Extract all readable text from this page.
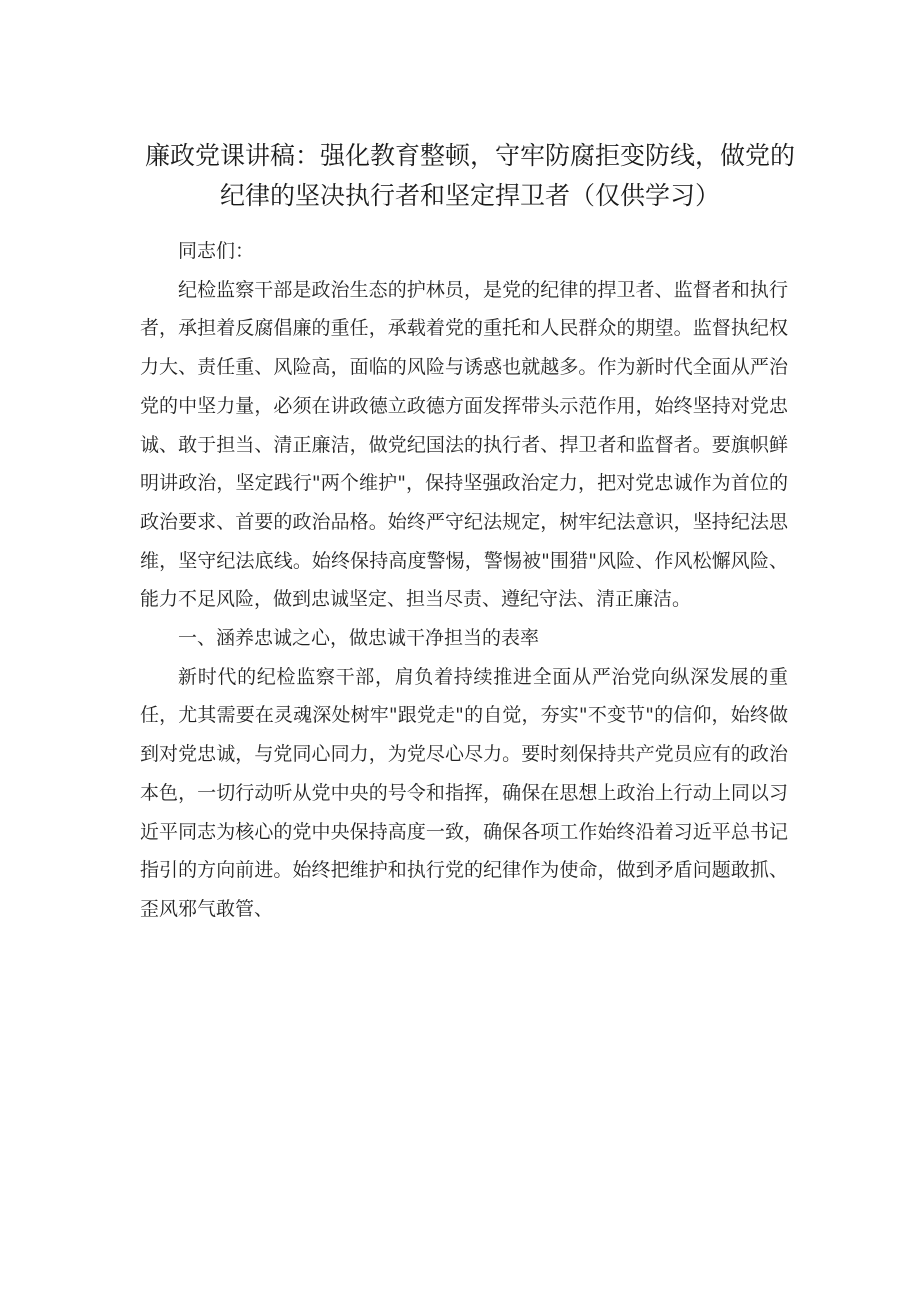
廉政党课讲稿：强化教育整顿，守牢防腐拒变防线，做党的纪律的坚决执行者和坚定捍卫者（仅供学习）

同志们：

纪检监察干部是政治生态的护林员，是党的纪律的捍卫者、监督者和执行者，承担着反腐倡廉的重任，承载着党的重托和人民群众的期望。监督执纪权力大、责任重、风险高，面临的风险与诱惑也就越多。作为新时代全面从严治党的中坚力量，必须在讲政德立政德方面发挥带头示范作用，始终坚持对党忠诚、敢于担当、清正廉洁，做党纪国法的执行者、捍卫者和监督者。要旗帜鲜明讲政治，坚定践行"两个维护"，保持坚强政治定力，把对党忠诚作为首位的政治要求、首要的政治品格。始终严守纪法规定，树牢纪法意识，坚持纪法思维，坚守纪法底线。始终保持高度警惕，警惕被"围猎"风险、作风松懈风险、能力不足风险，做到忠诚坚定、担当尽责、遵纪守法、清正廉洁。

一、涵养忠诚之心，做忠诚干净担当的表率

新时代的纪检监察干部，肩负着持续推进全面从严治党向纵深发展的重任，尤其需要在灵魂深处树牢"跟党走"的自觉，夯实"不变节"的信仰，始终做到对党忠诚，与党同心同力，为党尽心尽力。要时刻保持共产党员应有的政治本色，一切行动听从党中央的号令和指挥，确保在思想上政治上行动上同以习近平同志为核心的党中央保持高度一致，确保各项工作始终沿着习近平总书记指引的方向前进。始终把维护和执行党的纪律作为使命，做到矛盾问题敢抓、歪风邪气敢管、
